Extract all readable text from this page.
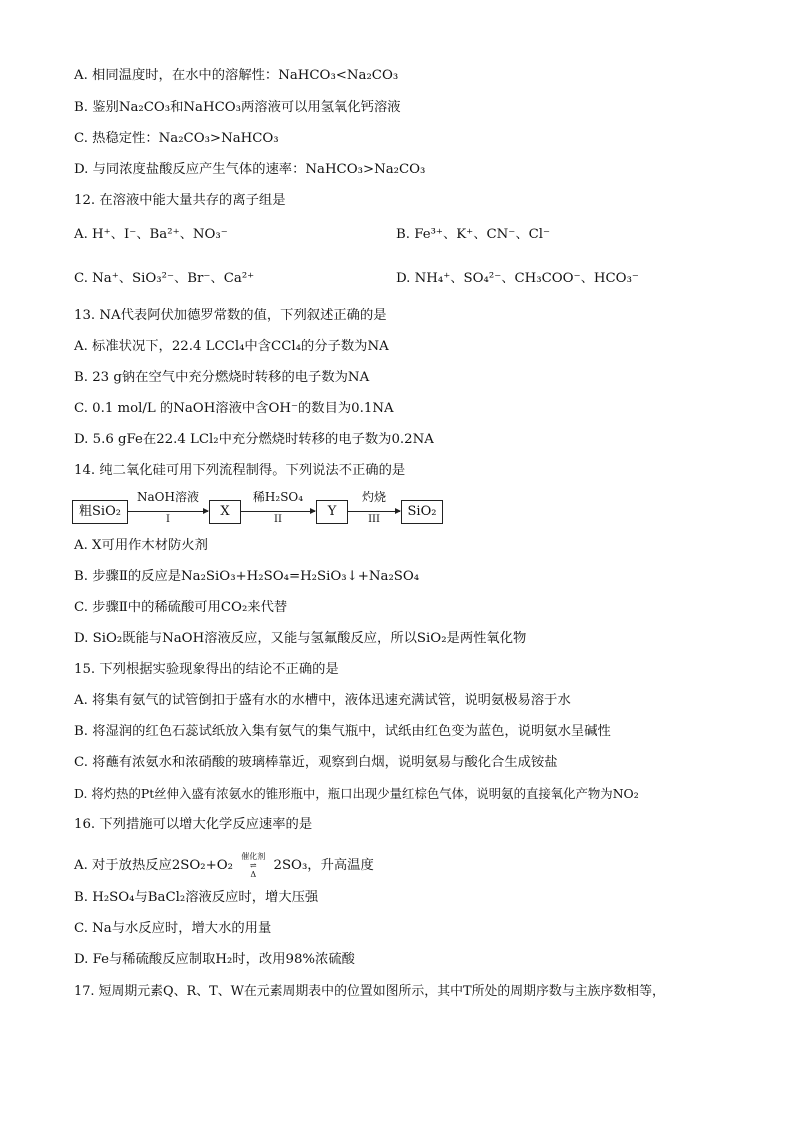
A. 相同温度时，在水中的溶解性：NaHCO₃<Na₂CO₃
B. 鉴别Na₂CO₃和NaHCO₃两溶液可以用氢氧化钙溶液
C. 热稳定性：Na₂CO₃>NaHCO₃
D. 与同浓度盐酸反应产生气体的速率：NaHCO₃>Na₂CO₃
12. 在溶液中能大量共存的离子组是
A. H⁺、I⁻、Ba²⁺、NO₃⁻	B. Fe³⁺、K⁺、CN⁻、Cl⁻
C. Na⁺、SiO₃²⁻、Br⁻、Ca²⁺	D. NH₄⁺、SO₄²⁻、CH₃COO⁻、HCO₃⁻
13. NA代表阿伏加德罗常数的值，下列叙述正确的是
A. 标准状况下，22.4 LCCl₄中含CCl₄的分子数为NA
B. 23 g钠在空气中充分燃烧时转移的电子数为NA
C. 0.1 mol/L 的NaOH溶液中含OH⁻的数目为0.1NA
D. 5.6 gFe在22.4 LCl₂中充分燃烧时转移的电子数为0.2NA
14. 纯二氧化硅可用下列流程制得。下列说法不正确的是
粗SiO₂
NaOH溶液
I
X
稀H₂SO₄
II
Y
灼烧
III
SiO₂
A. X可用作木材防火剂
B. 步骤Ⅱ的反应是Na₂SiO₃+H₂SO₄=H₂SiO₃↓+Na₂SO₄
C. 步骤Ⅱ中的稀硫酸可用CO₂来代替
D. SiO₂既能与NaOH溶液反应，又能与氢氟酸反应，所以SiO₂是两性氧化物
15. 下列根据实验现象得出的结论不正确的是
A. 将集有氨气的试管倒扣于盛有水的水槽中，液体迅速充满试管，说明氨极易溶于水
B. 将湿润的红色石蕊试纸放入集有氨气的集气瓶中，试纸由红色变为蓝色，说明氨水呈碱性
C. 将蘸有浓氨水和浓硝酸的玻璃棒靠近，观察到白烟，说明氨易与酸化合生成铵盐
D. 将灼热的Pt丝伸入盛有浓氨水的锥形瓶中，瓶口出现少量红棕色气体，说明氨的直接氧化产物为NO₂
16. 下列措施可以增大化学反应速率的是
A. 对于放热反应2SO₂+O₂ 催化剂
⇌
Δ 2SO₃，升高温度
B. H₂SO₄与BaCl₂溶液反应时，增大压强
C. Na与水反应时，增大水的用量
D. Fe与稀硫酸反应制取H₂时，改用98%浓硫酸
17. 短周期元素Q、R、T、W在元素周期表中的位置如图所示，其中T所处的周期序数与主族序数相等，
